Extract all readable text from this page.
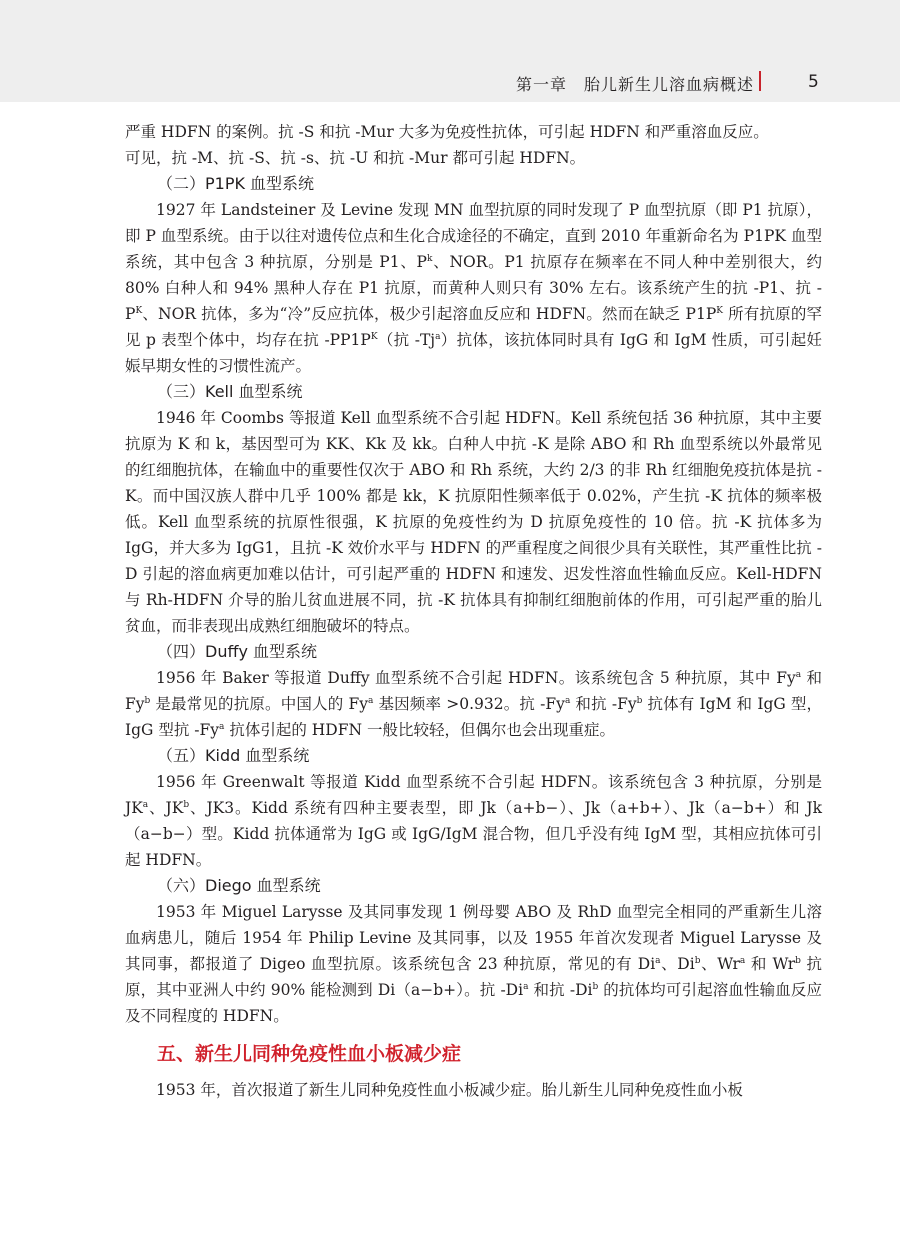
第一章　胎儿新生儿溶血病概述	5

严重 HDFN 的案例。抗 -S 和抗 -Mur 大多为免疫性抗体，可引起 HDFN 和严重溶血反应。
可见，抗 -M、抗 -S、抗 -s、抗 -U 和抗 -Mur 都可引起 HDFN。

（二）P1PK 血型系统

1927 年 Landsteiner 及 Levine 发现 MN 血型抗原的同时发现了 P 血型抗原（即 P1 抗原），即 P 血型系统。由于以往对遗传位点和生化合成途径的不确定，直到 2010 年重新命名为 P1PK 血型系统，其中包含 3 种抗原，分别是 P1、$P^k$、NOR。P1 抗原存在频率在不同人种中差别很大，约 80% 白种人和 94% 黑种人存在 P1 抗原，而黄种人则只有 30% 左右。该系统产生的抗 -P1、抗 $-P^K$、NOR 抗体，多为“冷”反应抗体，极少引起溶血反应和 HDFN。然而在缺乏 $P1P^K$ 所有抗原的罕见 p 表型个体中，均存在抗 $-PP1P^K$（抗 -Tj$^a$）抗体，该抗体同时具有 IgG 和 IgM 性质，可引起妊娠早期女性的习惯性流产。

（三）Kell 血型系统

1946 年 Coombs 等报道 Kell 血型系统不合引起 HDFN。Kell 系统包括 36 种抗原，其中主要抗原为 K 和 k，基因型可为 KK、Kk 及 kk。白种人中抗 -K 是除 ABO 和 Rh 血型系统以外最常见的红细胞抗体，在输血中的重要性仅次于 ABO 和 Rh 系统，大约 2/3 的非 Rh 红细胞免疫抗体是抗 -K。而中国汉族人群中几乎 100% 都是 kk，K 抗原阳性频率低于 0.02%，产生抗 -K 抗体的频率极低。Kell 血型系统的抗原性很强，K 抗原的免疫性约为 D 抗原免疫性的 10 倍。抗 -K 抗体多为 IgG，并大多为 IgG1，且抗 -K 效价水平与 HDFN 的严重程度之间很少具有关联性，其严重性比抗 -D 引起的溶血病更加难以估计，可引起严重的 HDFN 和速发、迟发性溶血性输血反应。Kell-HDFN 与 Rh-HDFN 介导的胎儿贫血进展不同，抗 -K 抗体具有抑制红细胞前体的作用，可引起严重的胎儿贫血，而非表现出成熟红细胞破坏的特点。

（四）Duffy 血型系统

1956 年 Baker 等报道 Duffy 血型系统不合引起 HDFN。该系统包含 5 种抗原，其中 Fy$^a$ 和 Fy$^b$ 是最常见的抗原。中国人的 Fy$^a$ 基因频率 >0.932。抗 -Fy$^a$ 和抗 -Fy$^b$ 抗体有 IgM 和 IgG 型，IgG 型抗 -Fy$^a$ 抗体引起的 HDFN 一般比较轻，但偶尔也会出现重症。

（五）Kidd 血型系统

1956 年 Greenwalt 等报道 Kidd 血型系统不合引起 HDFN。该系统包含 3 种抗原，分别是 $JK^a$、$JK^b$、JK3。Kidd 系统有四种主要表型，即 Jk（a+b−）、Jk（a+b+）、Jk（a−b+）和 Jk（a−b−）型。Kidd 抗体通常为 IgG 或 IgG/IgM 混合物，但几乎没有纯 IgM 型，其相应抗体可引起 HDFN。

（六）Diego 血型系统

1953 年 Miguel Larysse 及其同事发现 1 例母婴 ABO 及 RhD 血型完全相同的严重新生儿溶血病患儿，随后 1954 年 Philip Levine 及其同事，以及 1955 年首次发现者 Miguel Larysse 及其同事，都报道了 Digeo 血型抗原。该系统包含 23 种抗原，常见的有 Di$^a$、Di$^b$、Wr$^a$ 和 Wr$^b$ 抗原，其中亚洲人中约 90% 能检测到 Di（a−b+）。抗 -Di$^a$ 和抗 -Di$^b$ 的抗体均可引起溶血性输血反应及不同程度的 HDFN。

五、新生儿同种免疫性血小板减少症

1953 年，首次报道了新生儿同种免疫性血小板减少症。胎儿新生儿同种免疫性血小板
